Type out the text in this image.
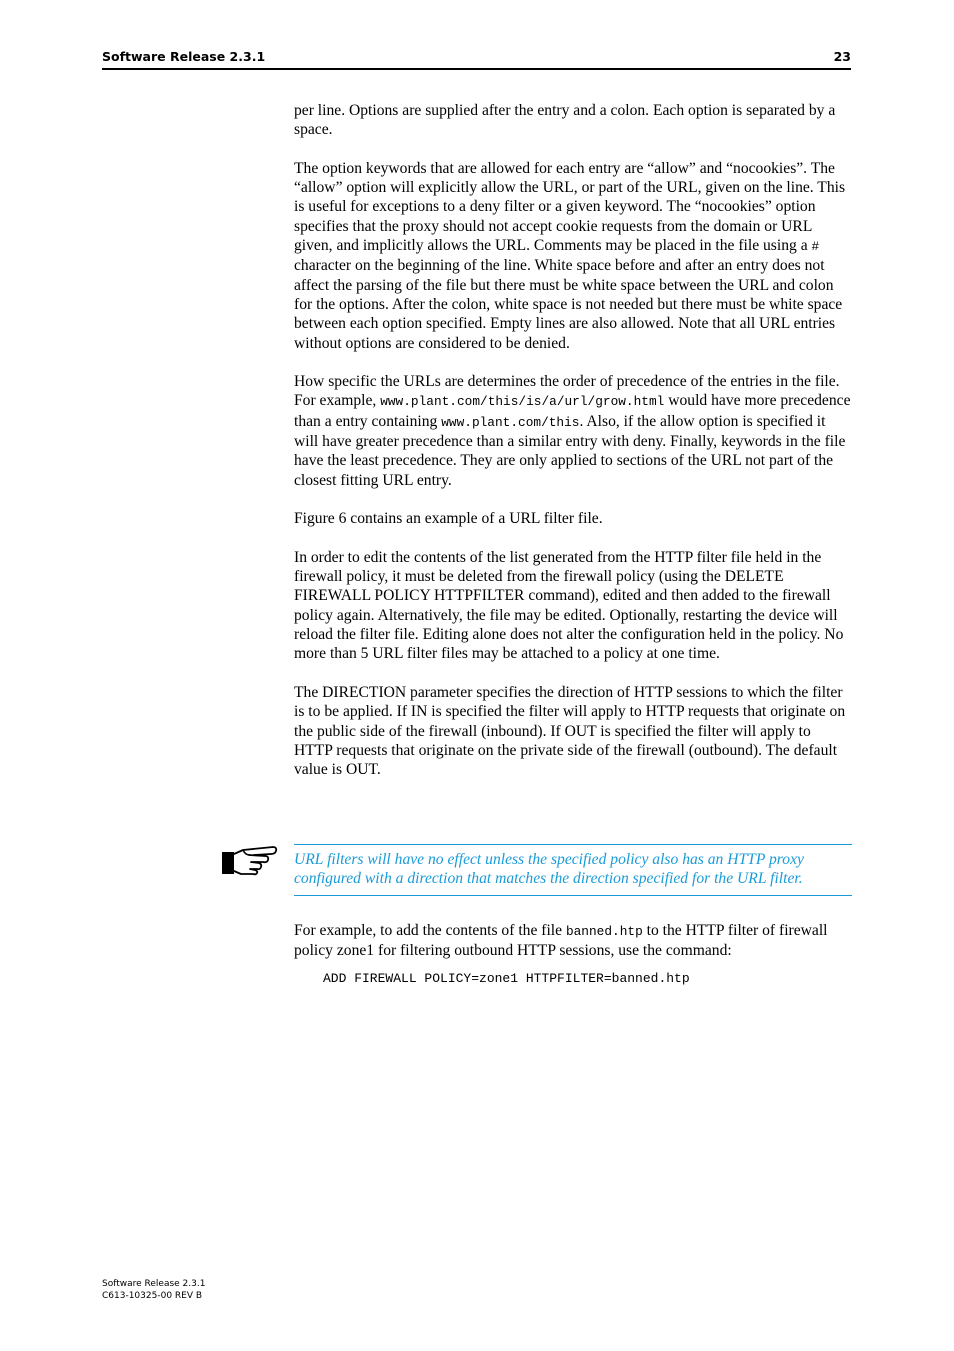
Software Release 2.3.1	23

per line. Options are supplied after the entry and a colon. Each option is separated by a space.

The option keywords that are allowed for each entry are “allow” and “nocookies”. The “allow” option will explicitly allow the URL, or part of the URL, given on the line. This is useful for exceptions to a deny filter or a given keyword. The “nocookies” option specifies that the proxy should not accept cookie requests from the domain or URL given, and implicitly allows the URL. Comments may be placed in the file using a # character on the beginning of the line. White space before and after an entry does not affect the parsing of the file but there must be white space between the URL and colon for the options. After the colon, white space is not needed but there must be white space between each option specified. Empty lines are also allowed. Note that all URL entries without options are considered to be denied.

How specific the URLs are determines the order of precedence of the entries in the file. For example, www.plant.com/this/is/a/url/grow.html would have more precedence than a entry containing www.plant.com/this. Also, if the allow option is specified it will have greater precedence than a similar entry with deny. Finally, keywords in the file have the least precedence. They are only applied to sections of the URL not part of the closest fitting URL entry.

Figure 6 contains an example of a URL filter file.

In order to edit the contents of the list generated from the HTTP filter file held in the firewall policy, it must be deleted from the firewall policy (using the DELETE FIREWALL POLICY HTTPFILTER command), edited and then added to the firewall policy again. Alternatively, the file may be edited. Optionally, restarting the device will reload the filter file. Editing alone does not alter the configuration held in the policy. No more than 5 URL filter files may be attached to a policy at one time.

The DIRECTION parameter specifies the direction of HTTP sessions to which the filter is to be applied. If IN is specified the filter will apply to HTTP requests that originate on the public side of the firewall (inbound). If OUT is specified the filter will apply to HTTP requests that originate on the private side of the firewall (outbound). The default value is OUT.

URL filters will have no effect unless the specified policy also has an HTTP proxy configured with a direction that matches the direction specified for the URL filter.

For example, to add the contents of the file banned.htp to the HTTP filter of firewall policy zone1 for filtering outbound HTTP sessions, use the command:

ADD FIREWALL POLICY=zone1 HTTPFILTER=banned.htp
Software Release 2.3.1
C613-10325-00 REV B
